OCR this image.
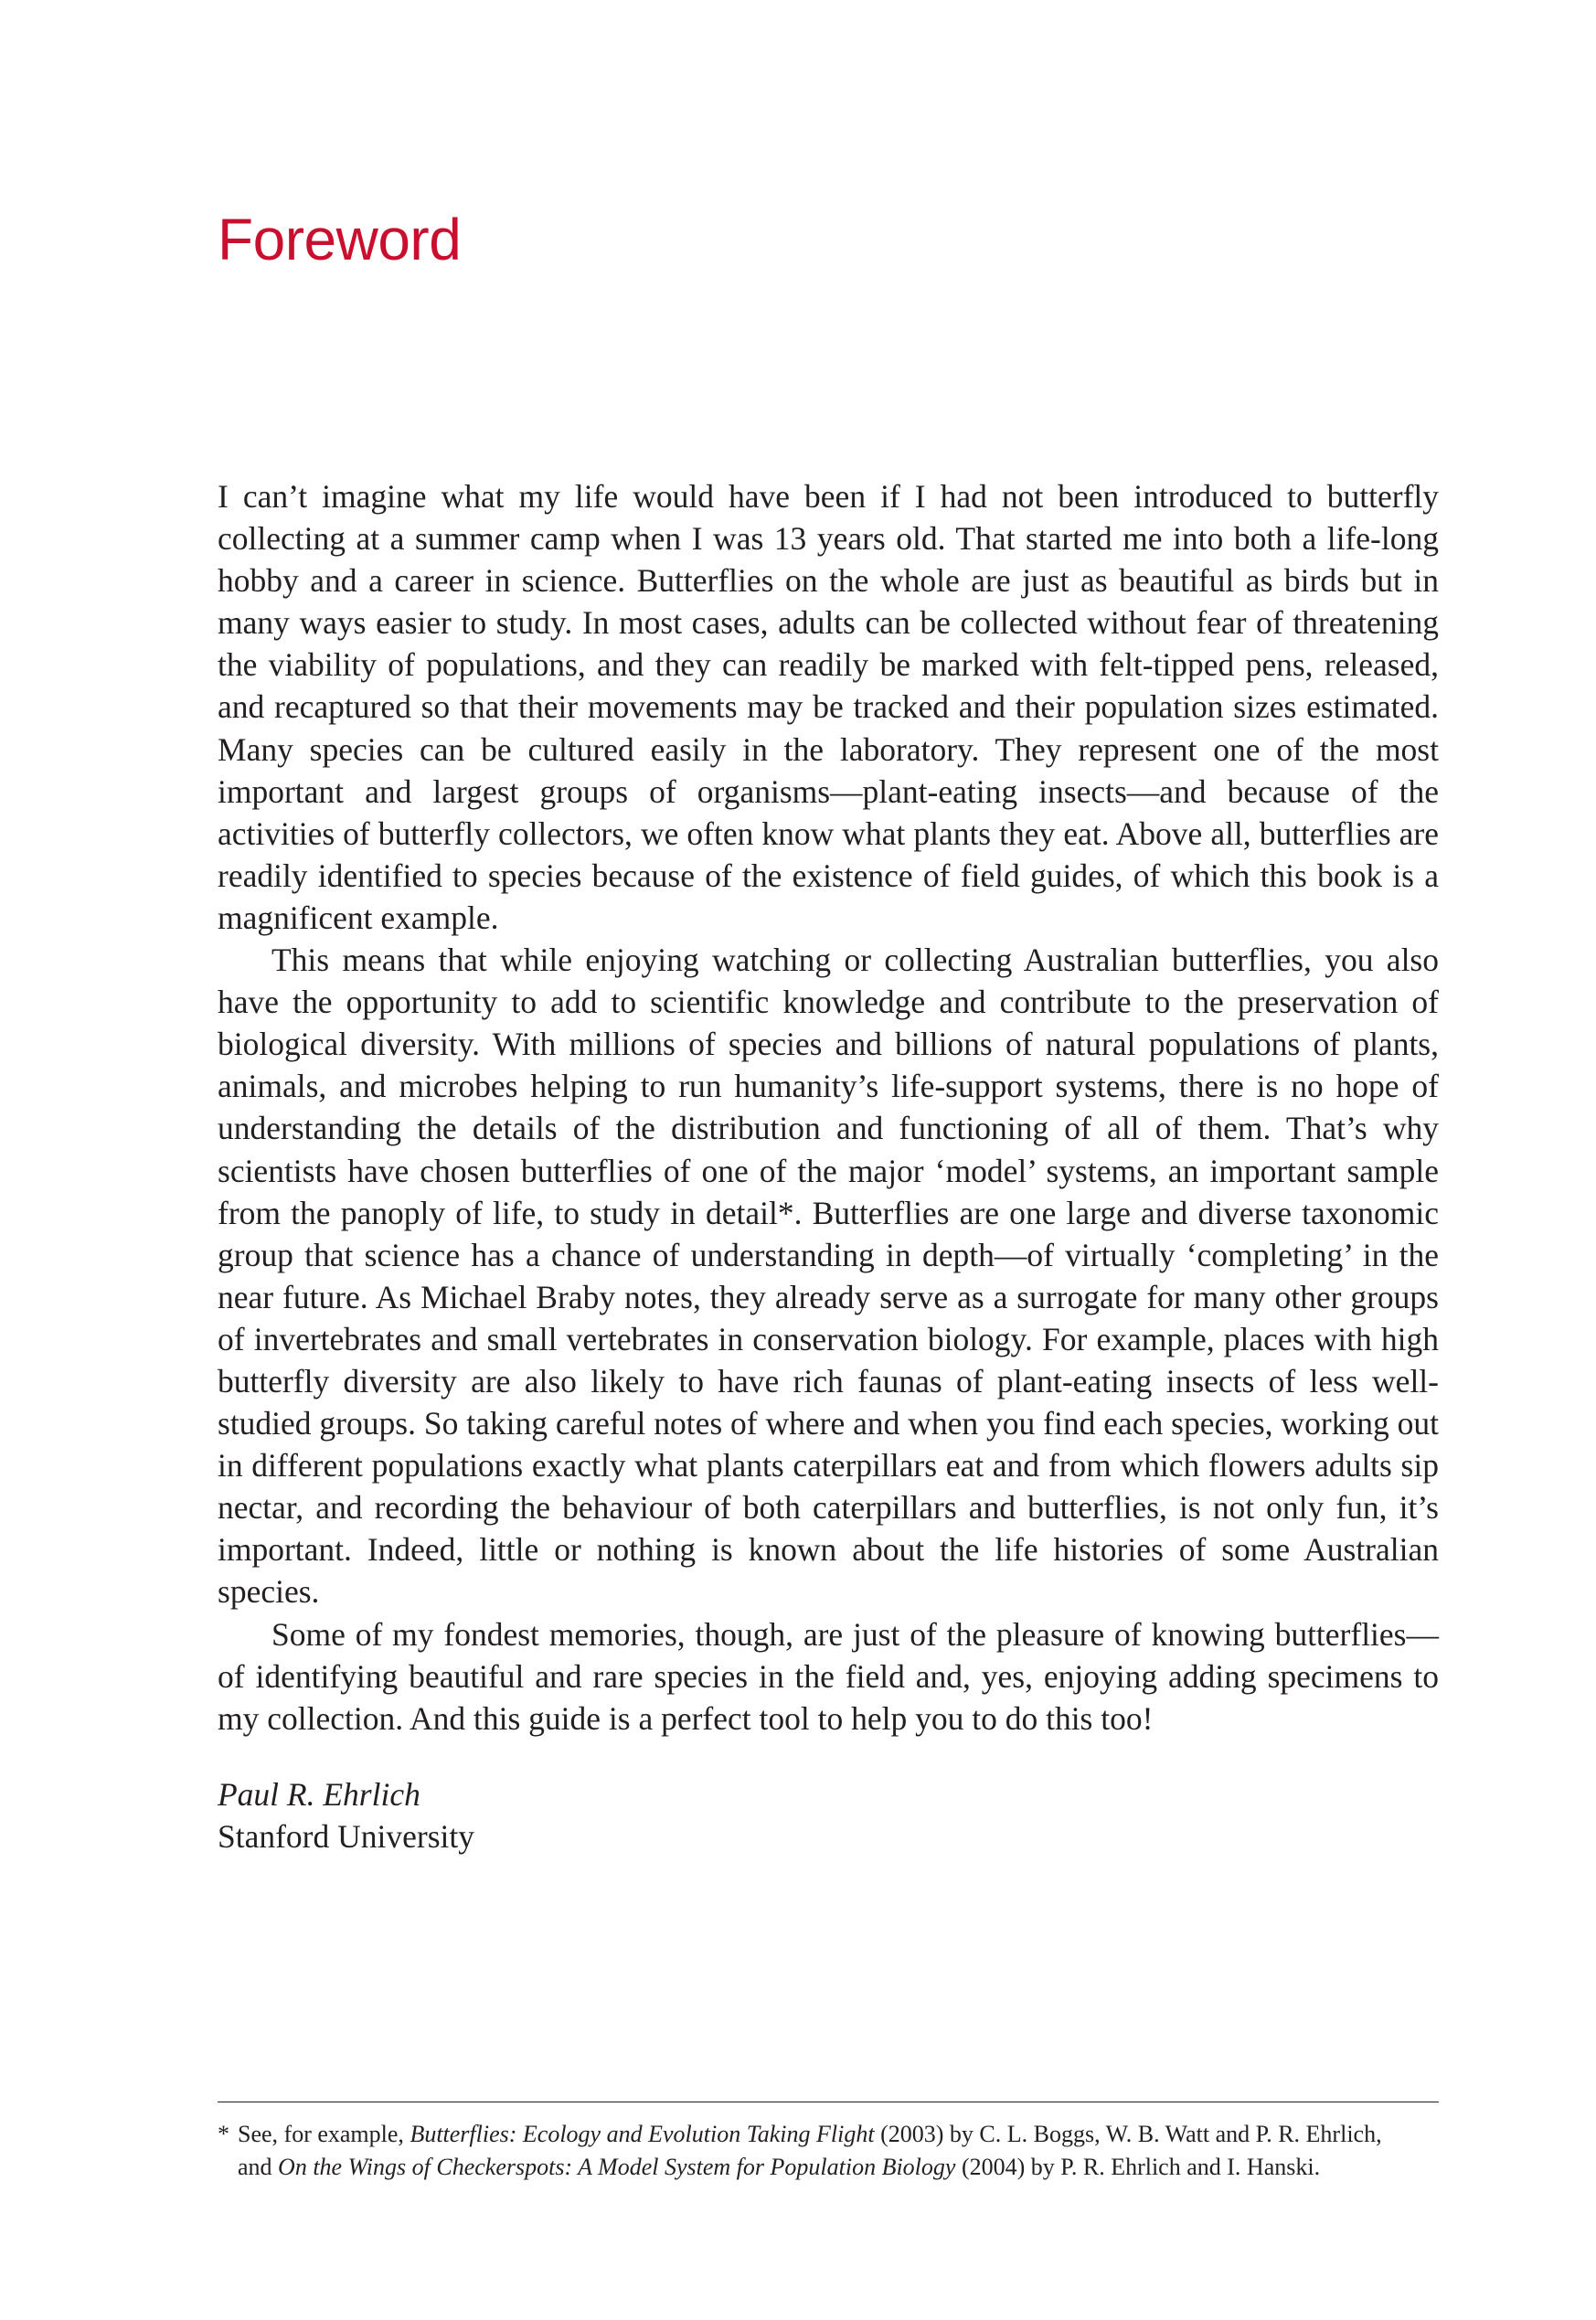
Foreword

I can’t imagine what my life would have been if I had not been introduced to butterfly collecting at a summer camp when I was 13 years old. That started me into both a life-long hobby and a career in science. Butterflies on the whole are just as beautiful as birds but in many ways easier to study. In most cases, adults can be collected without fear of threatening the viability of populations, and they can readily be marked with felt-tipped pens, released, and recaptured so that their movements may be tracked and their population sizes estimated. Many species can be cultured easily in the laboratory. They represent one of the most important and largest groups of organisms—plant-eating insects—and because of the activities of butterfly collectors, we often know what plants they eat. Above all, butterflies are readily identified to species because of the existence of field guides, of which this book is a magnificent example.

This means that while enjoying watching or collecting Australian butterflies, you also have the opportunity to add to scientific knowledge and contribute to the preservation of biological diversity. With millions of species and billions of natural populations of plants, animals, and microbes helping to run humanity’s life-support systems, there is no hope of understanding the details of the distribution and functioning of all of them. That’s why scientists have chosen butterflies of one of the major ‘model’ systems, an important sample from the panoply of life, to study in detail*. Butterflies are one large and diverse taxonomic group that science has a chance of understanding in depth—of virtually ‘completing’ in the near future. As Michael Braby notes, they already serve as a surrogate for many other groups of invertebrates and small vertebrates in conservation biology. For example, places with high butterfly diversity are also likely to have rich faunas of plant-eating insects of less well-studied groups. So taking careful notes of where and when you find each species, working out in different populations exactly what plants caterpillars eat and from which flowers adults sip nectar, and recording the behaviour of both caterpillars and butterflies, is not only fun, it’s important. Indeed, little or nothing is known about the life histories of some Australian species.

Some of my fondest memories, though, are just of the pleasure of knowing butterflies—of identifying beautiful and rare species in the field and, yes, enjoying adding specimens to my collection. And this guide is a perfect tool to help you to do this too!

Paul R. Ehrlich
Stanford University
* See, for example, Butterflies: Ecology and Evolution Taking Flight (2003) by C. L. Boggs, W. B. Watt and P. R. Ehrlich,
and On the Wings of Checkerspots: A Model System for Population Biology (2004) by P. R. Ehrlich and I. Hanski.
